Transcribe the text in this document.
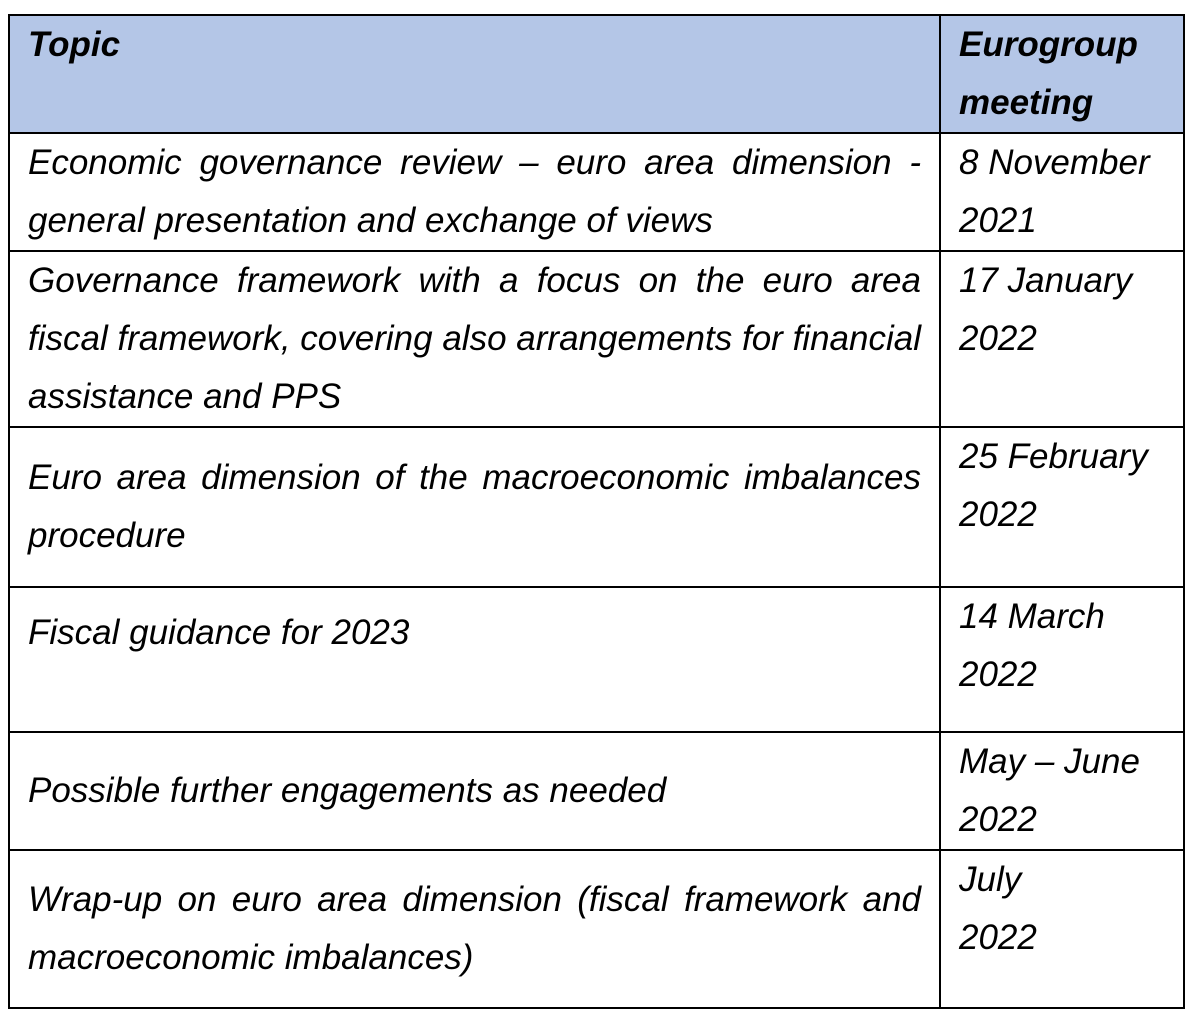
Topic	Eurogroup meeting
Economic governance review – euro area dimension - general presentation and exchange of views	8 November
2021

Governance framework with a focus on the euro area fiscal framework, covering also arrangements for financial assistance and PPS	17 January
2022

Euro area dimension of the macroeconomic imbalances procedure	25 February
2022

Fiscal guidance for 2023	14 March
2022

Possible further engagements as needed	May – June
2022

Wrap-up on euro area dimension (fiscal framework and macroeconomic imbalances)	July
2022
